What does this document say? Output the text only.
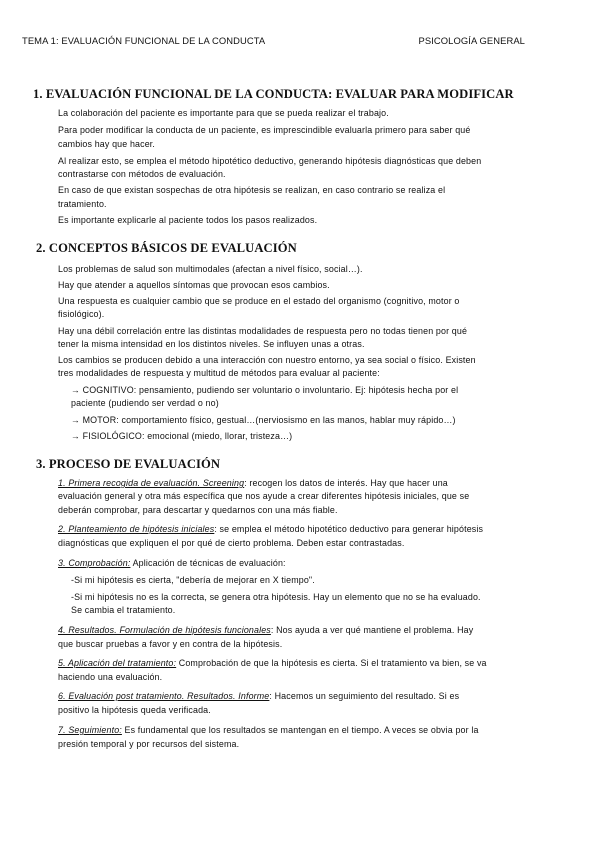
TEMA 1: EVALUACIÓN FUNCIONAL DE LA CONDUCTA	PSICOLOGÍA GENERAL
1. EVALUACIÓN FUNCIONAL DE LA CONDUCTA: EVALUAR PARA MODIFICAR

La colaboración del paciente es importante para que se pueda realizar el trabajo.

Para poder modificar la conducta de un paciente, es imprescindible evaluarla primero para saber qué

cambios hay que hacer.

Al realizar esto, se emplea el método hipotético deductivo, generando hipótesis diagnósticas que deben

contrastarse con métodos de evaluación.

En caso de que existan sospechas de otra hipótesis se realizan, en caso contrario se realiza el

tratamiento.

Es importante explicarle al paciente todos los pasos realizados.

2. CONCEPTOS BÁSICOS DE EVALUACIÓN

Los problemas de salud son multimodales (afectan a nivel físico, social…).

Hay que atender a aquellos síntomas que provocan esos cambios.

Una respuesta es cualquier cambio que se produce en el estado del organismo (cognitivo, motor o

fisiológico).

Hay una débil correlación entre las distintas modalidades de respuesta pero no todas tienen por qué

tener la misma intensidad en los distintos niveles. Se influyen unas a otras.

Los cambios se producen debido a una interacción con nuestro entorno, ya sea social o físico. Existen

tres modalidades de respuesta y multitud de métodos para evaluar al paciente:

→ COGNITIVO: pensamiento, pudiendo ser voluntario o involuntario. Ej: hipótesis hecha por el

paciente (pudiendo ser verdad o no)

→ MOTOR: comportamiento físico, gestual…(nerviosismo en las manos, hablar muy rápido…)

→ FISIOLÓGICO: emocional (miedo, llorar, tristeza…)

3. PROCESO DE EVALUACIÓN

1. Primera recogida de evaluación. Screening: recogen los datos de interés. Hay que hacer una

evaluación general y otra más específica que nos ayude a crear diferentes hipótesis iniciales, que se

deberán comprobar, para descartar y quedarnos con una más fiable.

2. Planteamiento de hipótesis iniciales: se emplea el método hipotético deductivo para generar hipótesis

diagnósticas que expliquen el por qué de cierto problema. Deben estar contrastadas.

3. Comprobación: Aplicación de técnicas de evaluación:

-Si mi hipótesis es cierta, "debería de mejorar en X tiempo".

-Si mi hipótesis no es la correcta, se genera otra hipótesis. Hay un elemento que no se ha evaluado.

Se cambia el tratamiento.

4. Resultados. Formulación de hipótesis funcionales: Nos ayuda a ver qué mantiene el problema. Hay

que buscar pruebas a favor y en contra de la hipótesis.

5. Aplicación del tratamiento: Comprobación de que la hipótesis es cierta. Si el tratamiento va bien, se va

haciendo una evaluación.

6. Evaluación post tratamiento. Resultados. Informe: Hacemos un seguimiento del resultado. Si es

positivo la hipótesis queda verificada.

7. Seguimiento: Es fundamental que los resultados se mantengan en el tiempo. A veces se obvia por la

presión temporal y por recursos del sistema.
